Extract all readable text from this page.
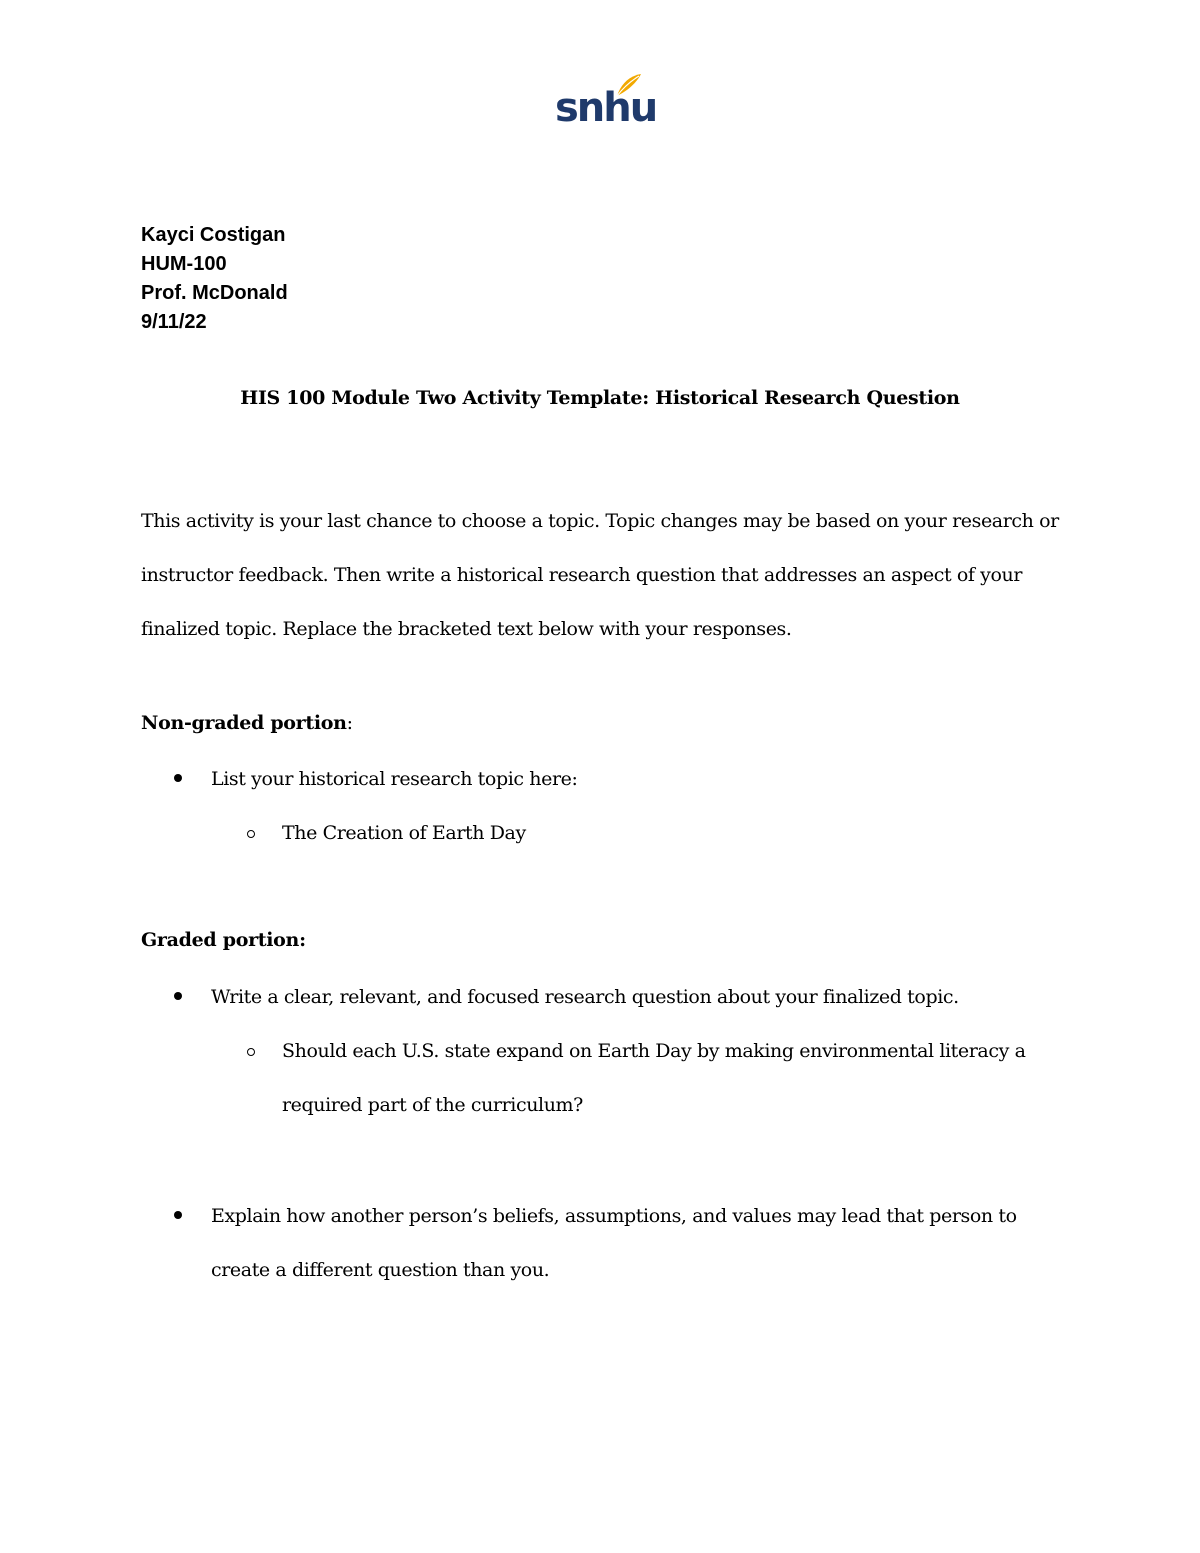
snhu
Kayci Costigan
HUM-100
Prof. McDonald
9/11/22
HIS 100 Module Two Activity Template: Historical Research Question
This activity is your last chance to choose a topic. Topic changes may be based on your research or instructor feedback. Then write a historical research question that addresses an aspect of your finalized topic. Replace the bracketed text below with your responses.
Non-graded portion:
List your historical research topic here:
The Creation of Earth Day
Graded portion:
Write a clear, relevant, and focused research question about your finalized topic.
Should each U.S. state expand on Earth Day by making environmental literacy a required part of the curriculum?
Explain how another person’s beliefs, assumptions, and values may lead that person to create a different question than you.
